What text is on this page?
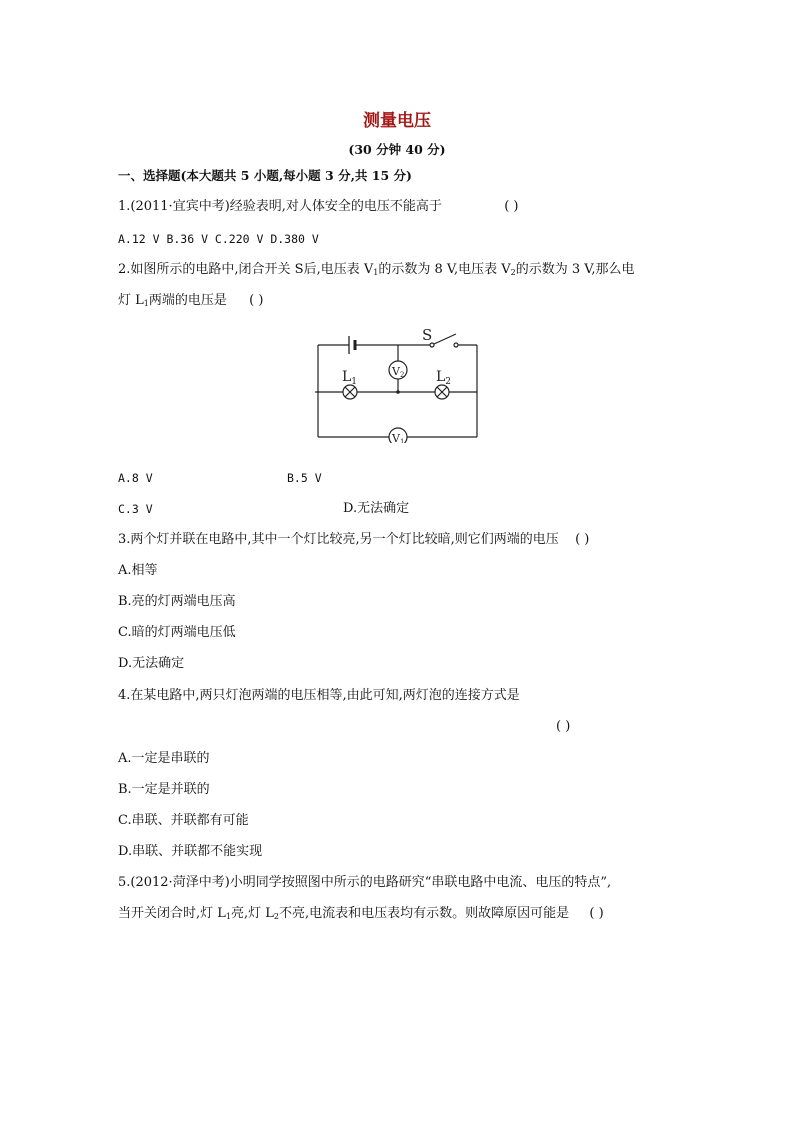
测量电压
(30 分钟 40 分)
一、选择题(本大题共 5 小题,每小题 3 分,共 15 分)
1.(2011·宜宾中考)经验表明,对人体安全的电压不能高于	( )
A.12 V B.36 V C.220 V D.380 V
2.如图所示的电路中,闭合开关 S后,电压表 $V_1$的示数为 8 V,电压表 $V_2$的示数为 3 V,那么电
灯 $L_1$两端的电压是 ( )
S
$L_1$	$L_2$
V2
V1
A.8 V	B.5 V
C.3 V	D.无法确定
3.两个灯并联在电路中,其中一个灯比较亮,另一个灯比较暗,则它们两端的电压 ( )
A.相等
B.亮的灯两端电压高
C.暗的灯两端电压低
D.无法确定
4.在某电路中,两只灯泡两端的电压相等,由此可知,两灯泡的连接方式是
( )
A.一定是串联的
B.一定是并联的
C.串联、并联都有可能
D.串联、并联都不能实现
5.(2012·菏泽中考)小明同学按照图中所示的电路研究“串联电路中电流、电压的特点”,
当开关闭合时,灯 $L_1$亮,灯 $L_2$不亮,电流表和电压表均有示数。则故障原因可能是 ( )
